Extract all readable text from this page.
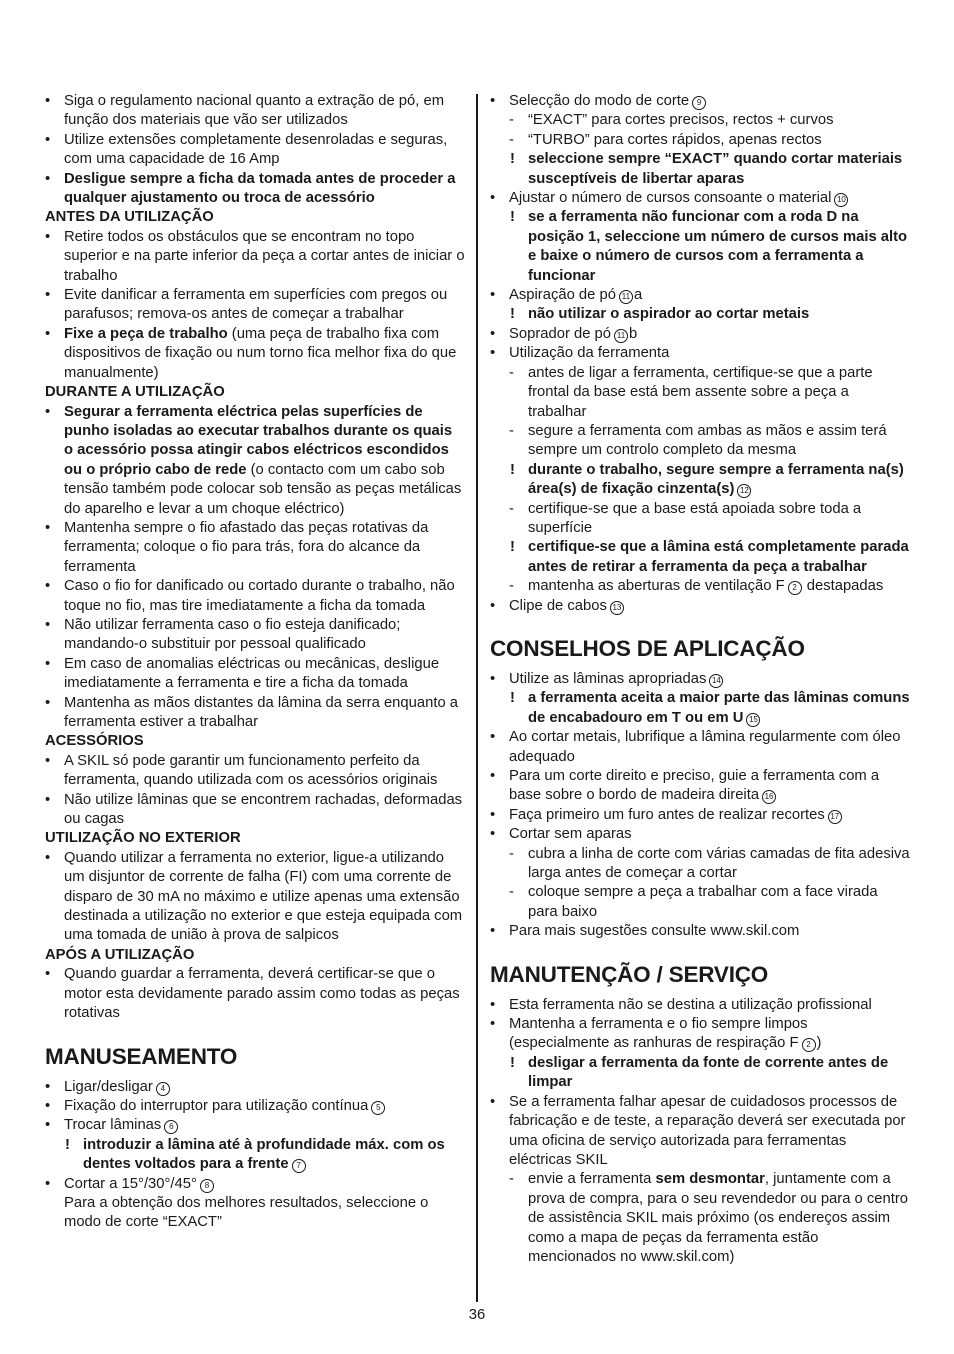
• Siga o regulamento nacional quanto a extração de pó, em função dos materiais que vão ser utilizados
• Utilize extensões completamente desenroladas e seguras, com uma capacidade de 16 Amp
• Desligue sempre a ficha da tomada antes de proceder a qualquer ajustamento ou troca de acessório
ANTES DA UTILIZAÇÃO
• Retire todos os obstáculos que se encontram no topo superior e na parte inferior da peça a cortar antes de iniciar o trabalho
• Evite danificar a ferramenta em superfícies com pregos ou parafusos; remova-os antes de começar a trabalhar
• Fixe a peça de trabalho (uma peça de trabalho fixa com dispositivos de fixação ou num torno fica melhor fixa do que manualmente)
DURANTE A UTILIZAÇÃO
• Segurar a ferramenta eléctrica pelas superfícies de punho isoladas ao executar trabalhos durante os quais o acessório possa atingir cabos eléctricos escondidos ou o próprio cabo de rede (o contacto com um cabo sob tensão também pode colocar sob tensão as peças metálicas do aparelho e levar a um choque eléctrico)
• Mantenha sempre o fio afastado das peças rotativas da ferramenta; coloque o fio para trás, fora do alcance da ferramenta
• Caso o fio for danificado ou cortado durante o trabalho, não toque no fio, mas tire imediatamente a ficha da tomada
• Não utilizar ferramenta caso o fio esteja danificado; mandando-o substituir por pessoal qualificado
• Em caso de anomalias eléctricas ou mecânicas, desligue imediatamente a ferramenta e tire a ficha da tomada
• Mantenha as mãos distantes da lâmina da serra enquanto a ferramenta estiver a trabalhar
ACESSÓRIOS
• A SKIL só pode garantir um funcionamento perfeito da ferramenta, quando utilizada com os acessórios originais
• Não utilize lâminas que se encontrem rachadas, deformadas ou cagas
UTILIZAÇÃO NO EXTERIOR
• Quando utilizar a ferramenta no exterior, ligue-a utilizando um disjuntor de corrente de falha (FI) com uma corrente de disparo de 30 mA no máximo e utilize apenas uma extensão destinada a utilização no exterior e que esteja equipada com uma tomada de união à prova de salpicos
APÓS A UTILIZAÇÃO
• Quando guardar a ferramenta, deverá certificar-se que o motor esta devidamente parado assim como todas as peças rotativas
MANUSEAMENTO
• Ligar/desligar 4
• Fixação do interruptor para utilização contínua 5
• Trocar lâminas 6
! introduzir a lâmina até à profundidade máx. com os dentes voltados para a frente 7
• Cortar a 15°/30°/45° 8
Para a obtenção dos melhores resultados, seleccione o modo de corte “EXACT”
• Selecção do modo de corte 9
- “EXACT” para cortes precisos, rectos + curvos
- “TURBO” para cortes rápidos, apenas rectos
! seleccione sempre “EXACT” quando cortar materiais susceptíveis de libertar aparas
• Ajustar o número de cursos consoante o material 10
! se a ferramenta não funcionar com a roda D na posição 1, seleccione um número de cursos mais alto e baixe o número de cursos com a ferramenta a funcionar
• Aspiração de pó 11 a
! não utilizar o aspirador ao cortar metais
• Soprador de pó 11 b
• Utilização da ferramenta
- antes de ligar a ferramenta, certifique-se que a parte frontal da base está bem assente sobre a peça a trabalhar
- segure a ferramenta com ambas as mãos e assim terá sempre um controlo completo da mesma
! durante o trabalho, segure sempre a ferramenta na(s) área(s) de fixação cinzenta(s) 12
- certifique-se que a base está apoiada sobre toda a superfície
! certifique-se que a lâmina está completamente parada antes de retirar a ferramenta da peça a trabalhar
- mantenha as aberturas de ventilação F 2 destapadas
• Clipe de cabos 13
CONSELHOS DE APLICAÇÃO
• Utilize as lâminas apropriadas 14
! a ferramenta aceita a maior parte das lâminas comuns de encabadouro em T ou em U 15
• Ao cortar metais, lubrifique a lâmina regularmente com óleo adequado
• Para um corte direito e preciso, guie a ferramenta com a base sobre o bordo de madeira direita 16
• Faça primeiro um furo antes de realizar recortes 17
• Cortar sem aparas
- cubra a linha de corte com várias camadas de fita adesiva larga antes de começar a cortar
- coloque sempre a peça a trabalhar com a face virada para baixo
• Para mais sugestões consulte www.skil.com
MANUTENÇÃO / SERVIÇO
• Esta ferramenta não se destina a utilização profissional
• Mantenha a ferramenta e o fio sempre limpos (especialmente as ranhuras de respiração F 2 )
! desligar a ferramenta da fonte de corrente antes de limpar
• Se a ferramenta falhar apesar de cuidadosos processos de fabricação e de teste, a reparação deverá ser executada por uma oficina de serviço autorizada para ferramentas eléctricas SKIL
- envie a ferramenta sem desmontar, juntamente com a prova de compra, para o seu revendedor ou para o centro de assistência SKIL mais próximo (os endereços assim como a mapa de peças da ferramenta estão mencionados no www.skil.com)
36
